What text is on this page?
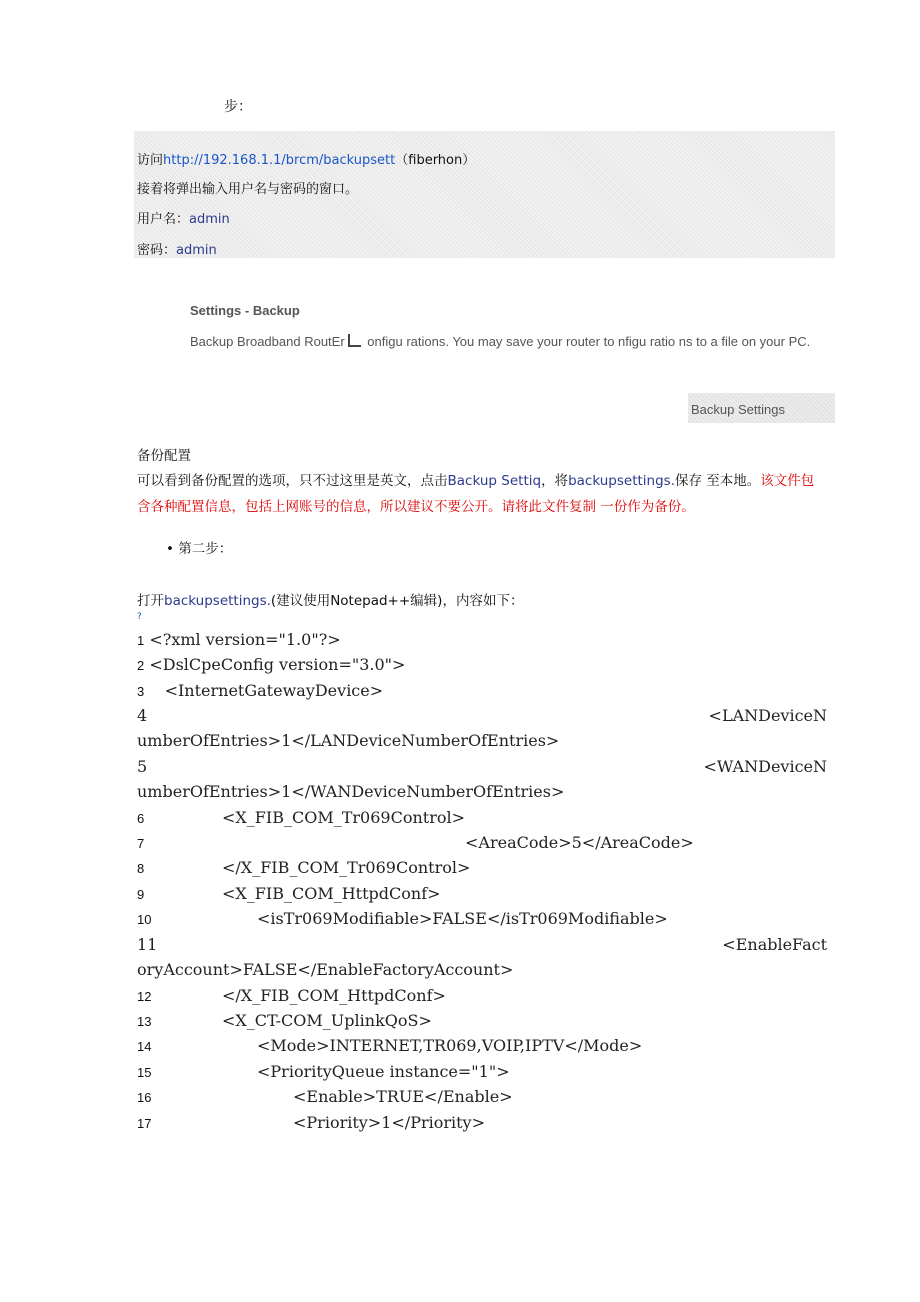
步：
访问http://192.168.1.1/brcm/backupsett（fiberhon）
接着将弹出输入用户名与密码的窗口。
用户名：admin
密码：admin
Settings - Backup
Backup Broadband RoutEr onfigu rations. You may save your router to nfigu ratio ns to a file on your PC.
Backup Settings
备份配置
可以看到备份配置的选项，只不过这里是英文，点击Backup Settiq，将backupsettings.保存 至本地。该文件包
含各种配置信息，包括上网账号的信息，所以建议不要公开。请将此文件复制 一份作为备份。
• 第二步：
打开backupsettings.(建议使用Notepad++编辑)，内容如下：
?
1 <?xml version="1.0"?>
2 <DslCpeConfig version="3.0">
3 <InternetGatewayDevice>
4	<LANDeviceN
umberOfEntries>1</LANDeviceNumberOfEntries>
5	<WANDeviceN
umberOfEntries>1</WANDeviceNumberOfEntries>
6	<X_FIB_COM_Tr069Control>
7	<AreaCode>5</AreaCode>
8	</X_FIB_COM_Tr069Control>
9	<X_FIB_COM_HttpdConf>
10	<isTr069Modifiable>FALSE</isTr069Modifiable>
11	<EnableFact
oryAccount>FALSE</EnableFactoryAccount>
12	</X_FIB_COM_HttpdConf>
13	<X_CT-COM_UplinkQoS>
14	<Mode>INTERNET,TR069,VOIP,IPTV</Mode>
15	<PriorityQueue instance="1">
16	<Enable>TRUE</Enable>
17	<Priority>1</Priority>
